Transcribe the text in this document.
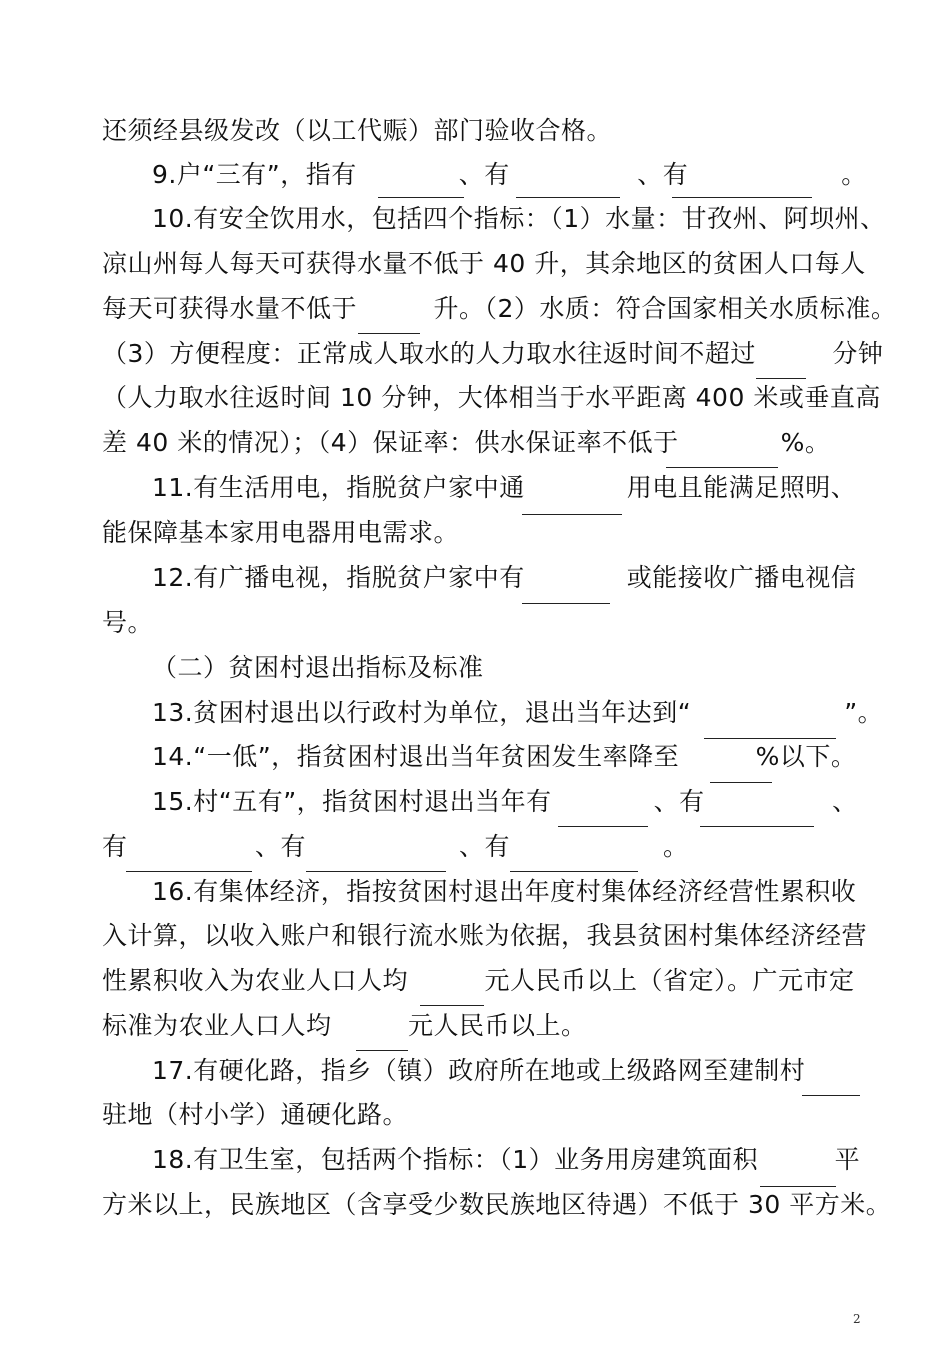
还须经县级发改（以工代赈）部门验收合格。
9.户“三有”，指有　　　　、有　　　　　、有　　　　　　。
10.有安全饮用水，包括四个指标：（1）水量：甘孜州、阿坝州、
凉山州每人每天可获得水量不低于 40 升，其余地区的贫困人口每人
每天可获得水量不低于　　　升。（2）水质：符合国家相关水质标准。
（3）方便程度：正常成人取水的人力取水往返时间不超过　　　分钟
（人力取水往返时间 10 分钟，大体相当于水平距离 400 米或垂直高
差 40 米的情况）；（4）保证率：供水保证率不低于　　　　%。
11.有生活用电，指脱贫户家中通　　　　用电且能满足照明、
能保障基本家用电器用电需求。
12.有广播电视，指脱贫户家中有　　　　或能接收广播电视信
号。
（二）贫困村退出指标及标准
13.贫困村退出以行政村为单位，退出当年达到“　　　　　　”。
14.“一低”，指贫困村退出当年贫困发生率降至　　　%以下。
15.村“五有”，指贫困村退出当年有　　　　、有　　　　　、
有　　　　　、有　　　　　　、有　　　　　　。
16.有集体经济，指按贫困村退出年度村集体经济经营性累积收
入计算，以收入账户和银行流水账为依据，我县贫困村集体经济经营
性累积收入为农业人口人均　　　元人民币以上（省定）。广元市定
标准为农业人口人均　　　元人民币以上。
17.有硬化路，指乡（镇）政府所在地或上级路网至建制村
驻地（村小学）通硬化路。
18.有卫生室，包括两个指标：（1）业务用房建筑面积　　　平
方米以上，民族地区（含享受少数民族地区待遇）不低于 30 平方米。
2
